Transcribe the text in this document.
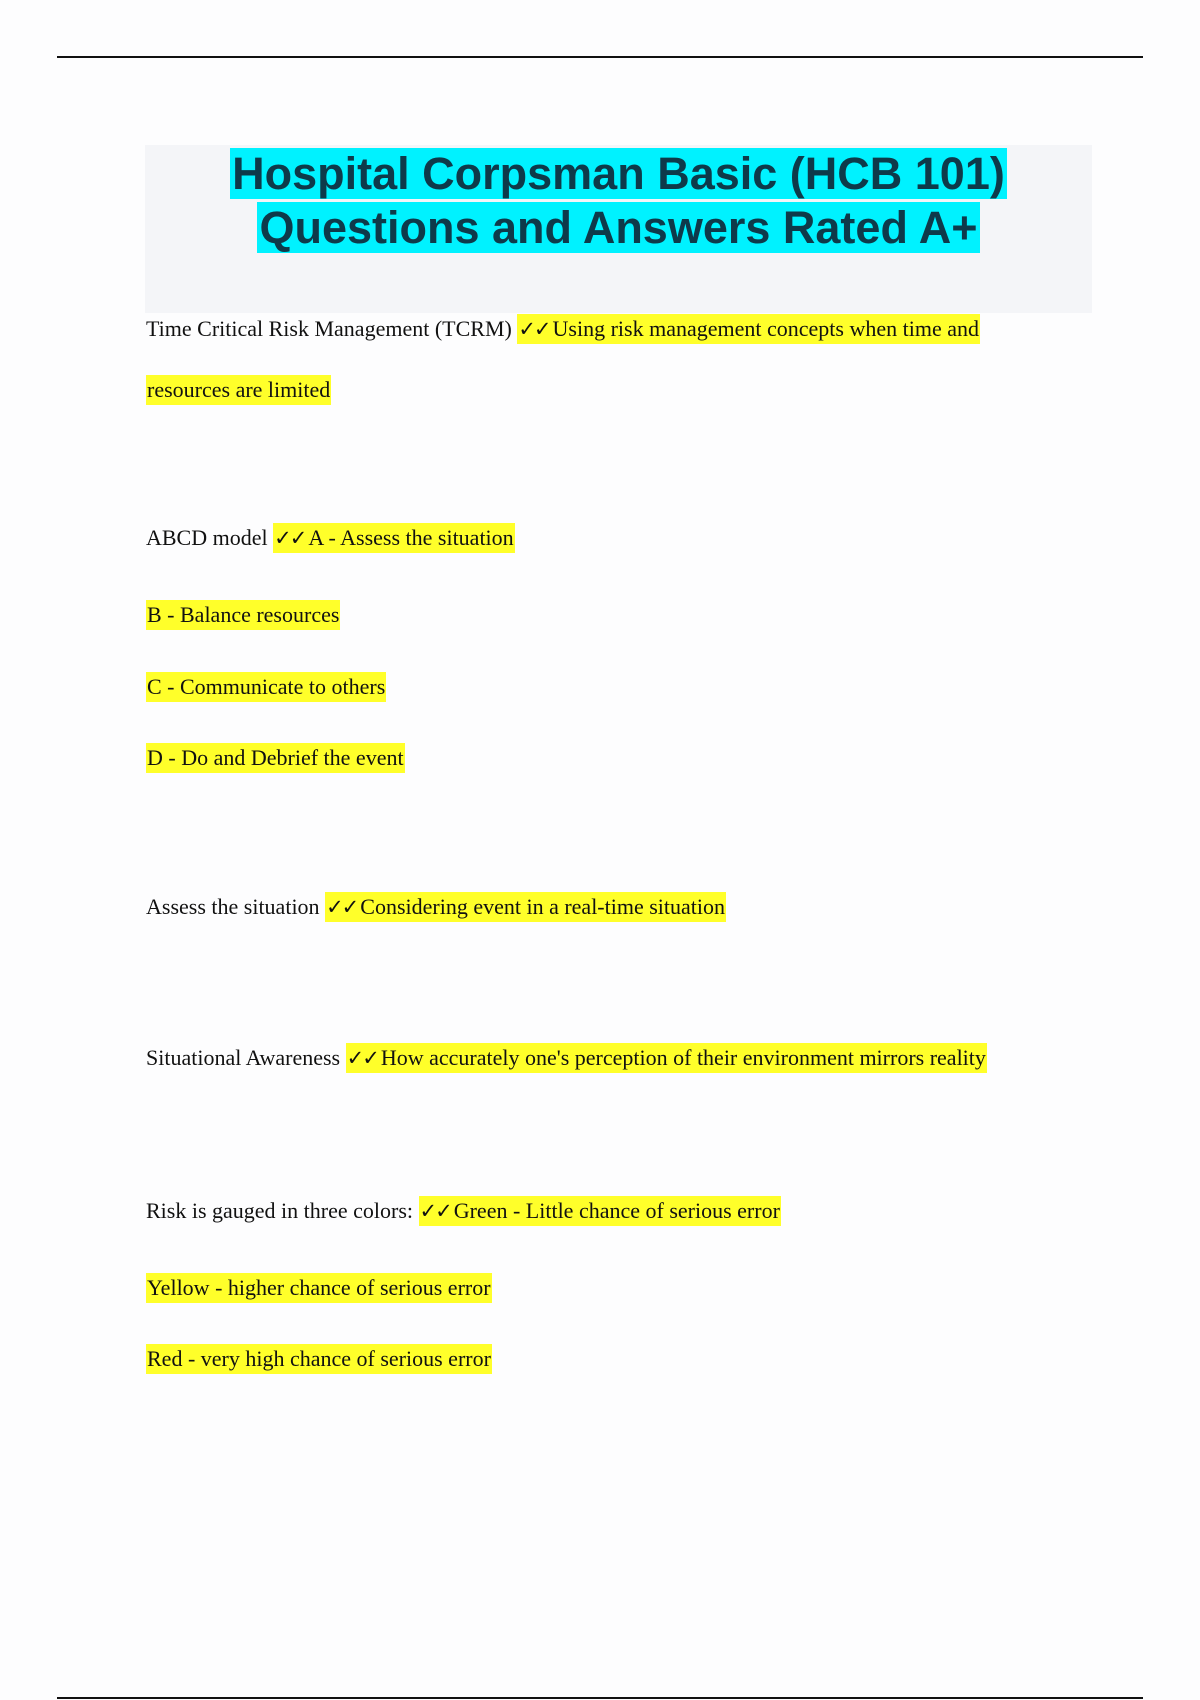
Hospital Corpsman Basic (HCB 101)
Questions and Answers Rated A+
Time Critical Risk Management (TCRM) ✓✓ Using risk management concepts when time and
resources are limited
ABCD model ✓✓ A - Assess the situation
B - Balance resources
C - Communicate to others
D - Do and Debrief the event
Assess the situation ✓✓ Considering event in a real-time situation
Situational Awareness ✓✓ How accurately one's perception of their environment mirrors reality
Risk is gauged in three colors: ✓✓ Green - Little chance of serious error
Yellow - higher chance of serious error
Red - very high chance of serious error
